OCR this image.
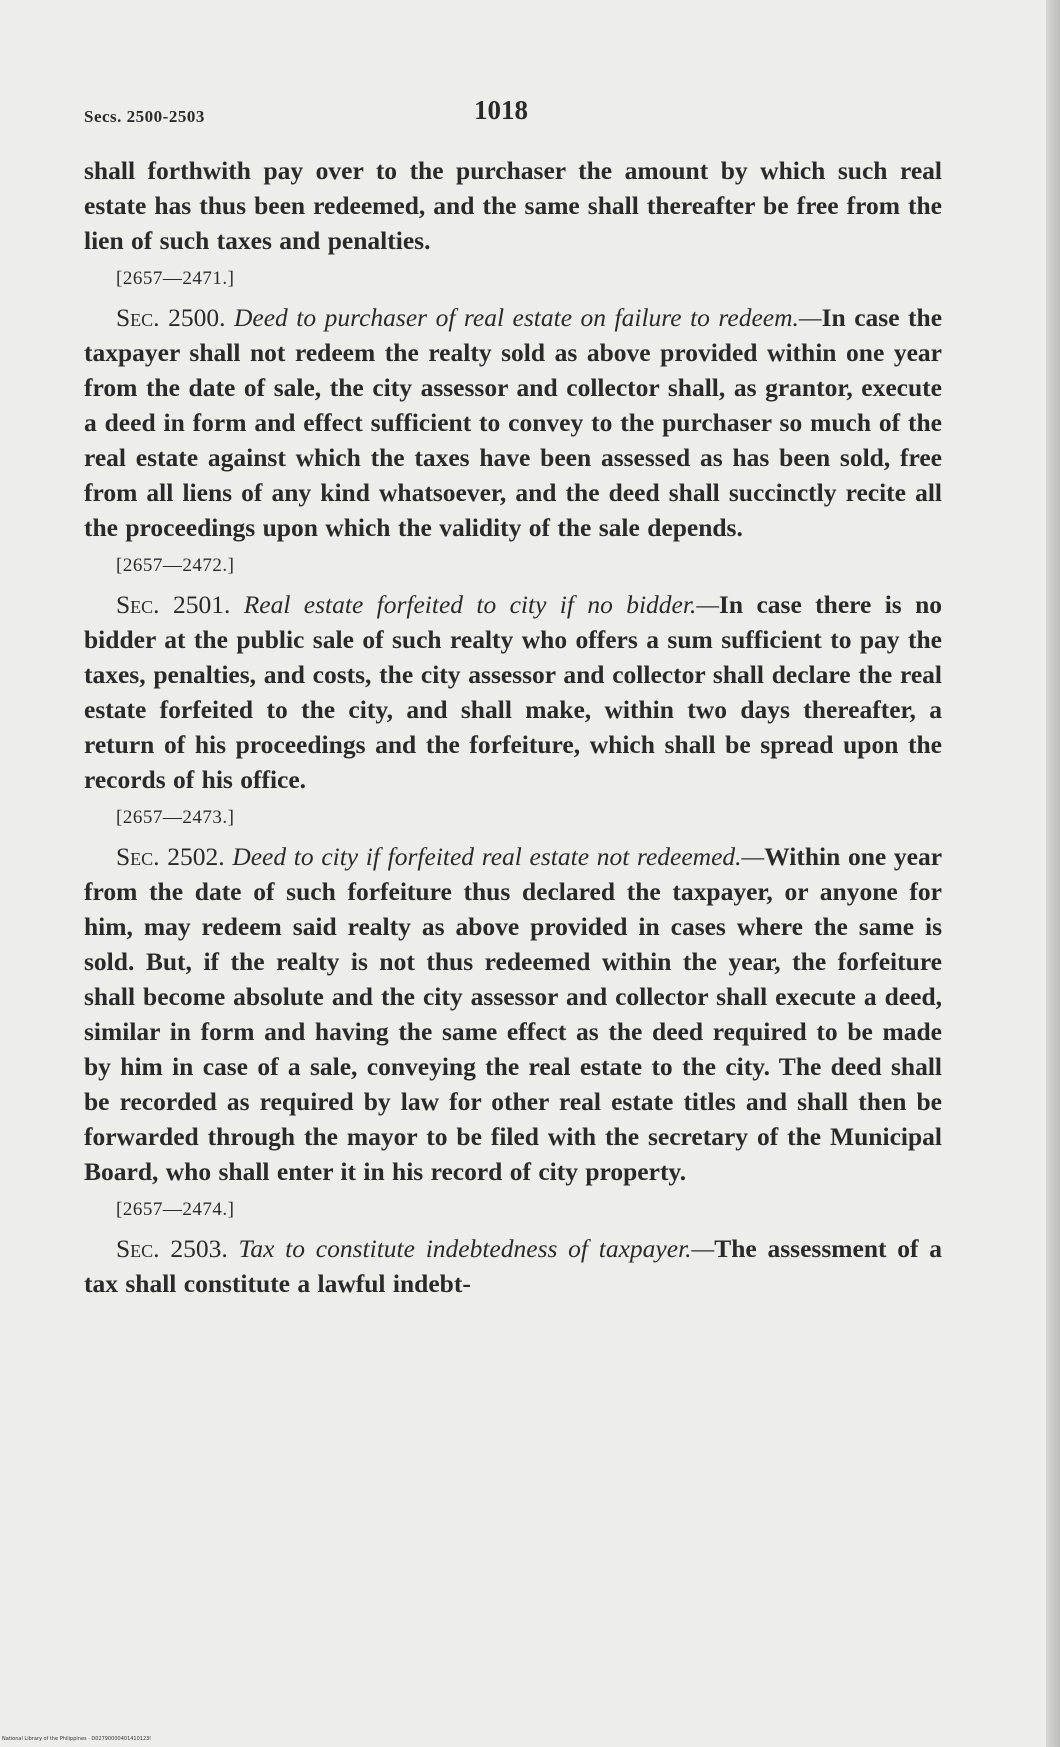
Secs. 2500-2503	1018

shall forthwith pay over to the purchaser the amount by which such real estate has thus been redeemed, and the same shall thereafter be free from the lien of such taxes and penalties.

[2657—2471.]

Sec. 2500. Deed to purchaser of real estate on failure to redeem.—In case the taxpayer shall not redeem the realty sold as above provided within one year from the date of sale, the city assessor and collector shall, as grantor, execute a deed in form and effect sufficient to convey to the purchaser so much of the real estate against which the taxes have been assessed as has been sold, free from all liens of any kind whatsoever, and the deed shall succinctly recite all the proceedings upon which the validity of the sale depends.

[2657—2472.]

Sec. 2501. Real estate forfeited to city if no bidder.—In case there is no bidder at the public sale of such realty who offers a sum sufficient to pay the taxes, penalties, and costs, the city assessor and collector shall declare the real estate forfeited to the city, and shall make, within two days thereafter, a return of his proceedings and the forfeiture, which shall be spread upon the records of his office.

[2657—2473.]

Sec. 2502. Deed to city if forfeited real estate not redeemed.—Within one year from the date of such forfeiture thus declared the taxpayer, or anyone for him, may redeem said realty as above provided in cases where the same is sold. But, if the realty is not thus redeemed within the year, the forfeiture shall become absolute and the city assessor and collector shall execute a deed, similar in form and having the same effect as the deed required to be made by him in case of a sale, conveying the real estate to the city. The deed shall be recorded as required by law for other real estate titles and shall then be forwarded through the mayor to be filed with the secretary of the Municipal Board, who shall enter it in his record of city property.

[2657—2474.]

Sec. 2503. Tax to constitute indebtedness of taxpayer.—The assessment of a tax shall constitute a lawful indebt-

National Library of the Philippines · D02790000401410123l
